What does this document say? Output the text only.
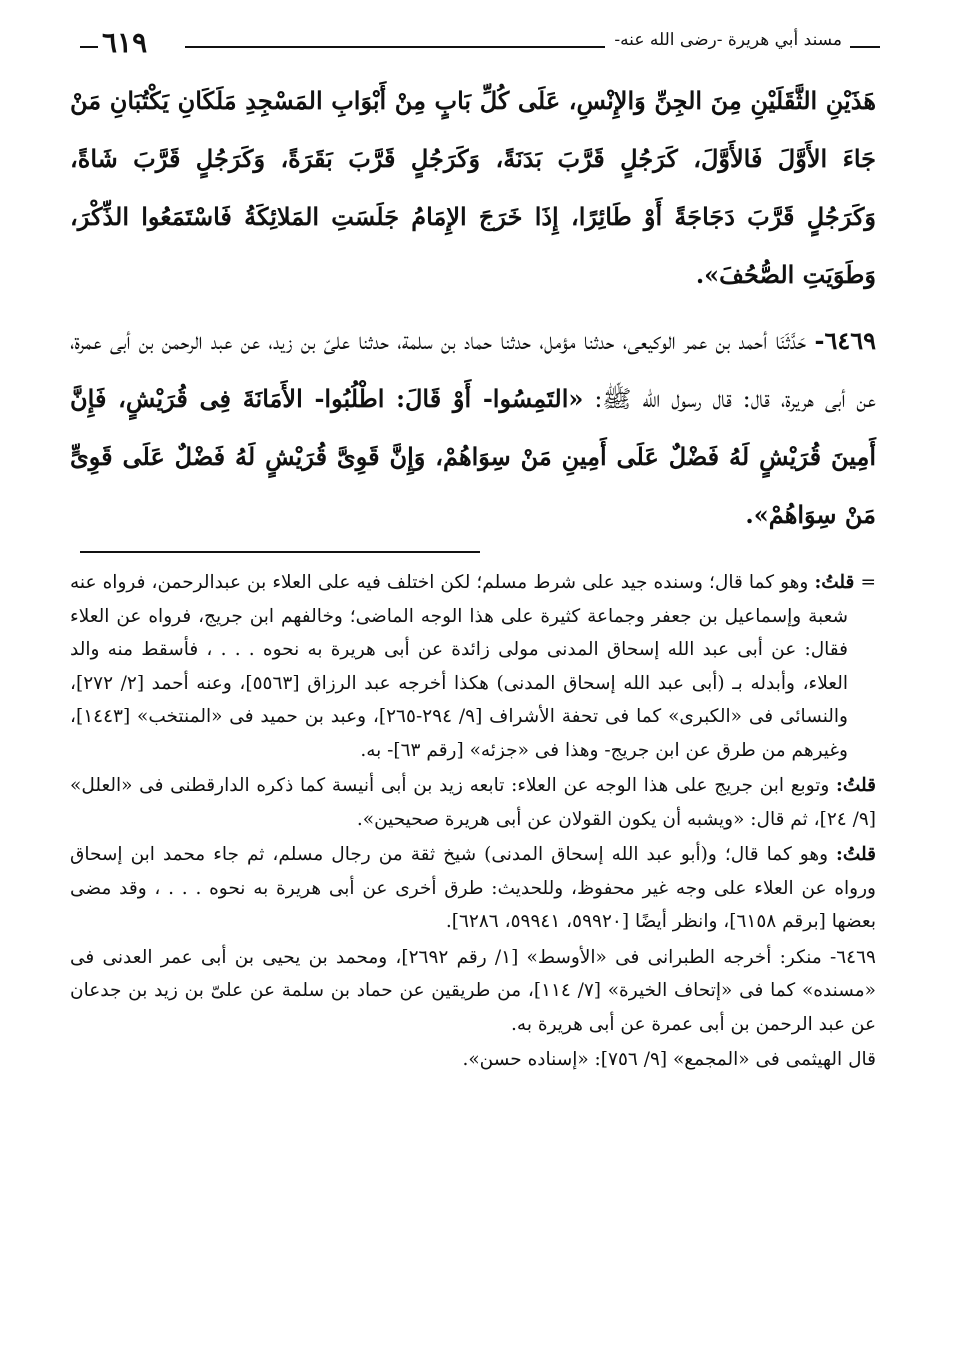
مسند أبي هريرة -رضى الله عنه-
٦١٩

هَذَيْنِ الثَّقَلَيْنِ مِنَ الجِنِّ وَالإِنْسِ، عَلَى كُلِّ بَابٍ مِنْ أَبْوَابِ المَسْجِدِ مَلَكَانِ يَكْتُبَانِ مَنْ جَاءَ الأَوَّلَ فَالأَوَّلَ، كَرَجُلٍ قَرَّبَ بَدَنَةً، وَكَرَجُلٍ قَرَّبَ بَقَرَةً، وَكَرَجُلٍ قَرَّبَ شَاةً، وَكَرَجُلٍ قَرَّبَ دَجَاجَةً أَوْ طَائِرًا، إِذَا خَرَجَ الإِمَامُ جَلَسَتِ المَلائِكَةُ فَاسْتَمَعُوا الذِّكْرَ، وَطَوَيَتِ الصُّحُفَ».

٦٤٦٩- حَدَّثَنَا أحمد بن عمر الوكيعى، حدثنا مؤمل، حدثنا حماد بن سلمة، حدثنا علىّ بن زيد، عن عبد الرحمن بن أبى عمرة، عن أبى هريرة، قال: قال رسول الله ﷺ: «التَمِسُوا- أَوْ قَالَ: اطْلُبُوا- الأَمَانَةَ فِى قُرَيْشٍ، فَإِنَّ أَمِينَ قُرَيْشٍ لَهُ فَضْلٌ عَلَى أَمِينِ مَنْ سِوَاهُمْ، وَإِنَّ قَوِىَّ قُرَيْشٍ لَهُ فَضْلٌ عَلَى قَوِىٍّ مَنْ سِوَاهُمْ».

= قلتُ: وهو كما قال؛ وسنده جيد على شرط مسلم؛ لكن اختلف فيه على العلاء بن عبدالرحمن، فرواه عنه شعبة وإسماعيل بن جعفر وجماعة كثيرة على هذا الوجه الماضى؛ وخالفهم ابن جريج، فرواه عن العلاء فقال: عن أبى عبد الله إسحاق المدنى مولى زائدة عن أبى هريرة به نحوه . . . ، فأسقط منه والد العلاء، وأبدله بـ (أبى عبد الله إسحاق المدنى) هكذا أخرجه عبد الرزاق [٥٥٦٣]، وعنه أحمد [٢/ ٢٧٢]، والنسائى فى «الكبرى» كما فى تحفة الأشراف [٩/ ٢٩٤-٢٦٥]، وعبد بن حميد فى «المنتخب» [١٤٤٣]، وغيرهم من طرق عن ابن جريج- وهذا فى «جزئه» [رقم ٦٣]- به.

قلتُ: وتوبع ابن جريج على هذا الوجه عن العلاء: تابعه زيد بن أبى أنيسة كما ذكره الدارقطنى فى «العلل» [٩/ ٢٤]، ثم قال: «ويشبه أن يكون القولان عن أبى هريرة صحيحين».

قلتُ: وهو كما قال؛ و(أبو عبد الله إسحاق المدنى) شيخ ثقة من رجال مسلم، ثم جاء محمد ابن إسحاق ورواه عن العلاء على وجه غير محفوظ، وللحديث: طرق أخرى عن أبى هريرة به نحوه . . . ، وقد مضى بعضها [برقم ٦١٥٨]، وانظر أيضًا [٥٩٩٢٠، ٥٩٩٤١، ٦٢٨٦].

٦٤٦٩- منكر: أخرجه الطبرانى فى «الأوسط» [١/ رقم ٢٦٩٢]، ومحمد بن يحيى بن أبى عمر العدنى فى «مسنده» كما فى «إتحاف الخيرة» [٧/ ١١٤]، من طريقين عن حماد بن سلمة عن علىّ بن زيد بن جدعان عن عبد الرحمن بن أبى عمرة عن أبى هريرة به.

قال الهيثمى فى «المجمع» [٩/ ٧٥٦]: «إسناده حسن».
